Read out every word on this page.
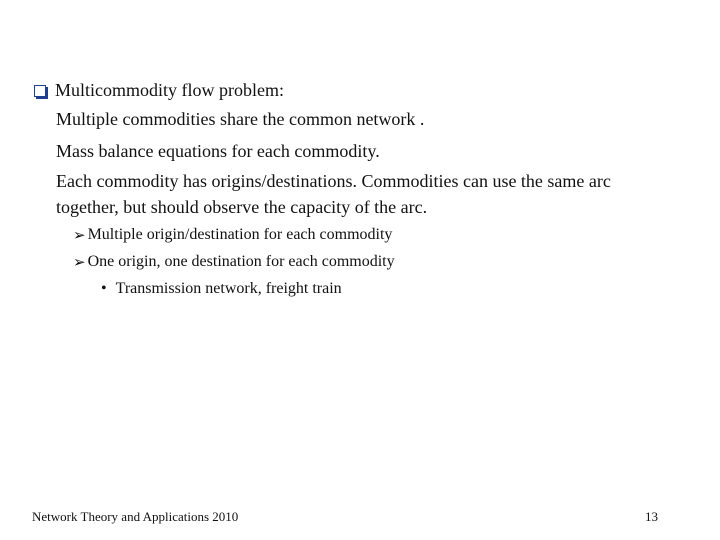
Multicommodity flow problem:
Multiple commodities share the common network .
Mass balance equations for each commodity.
Each commodity has origins/destinations. Commodities can use the same arc
together, but should observe the capacity of the arc.
➢ Multiple origin/destination for each commodity
➢ One origin, one destination for each commodity
• Transmission network, freight train
Network Theory and Applications 2010	13
